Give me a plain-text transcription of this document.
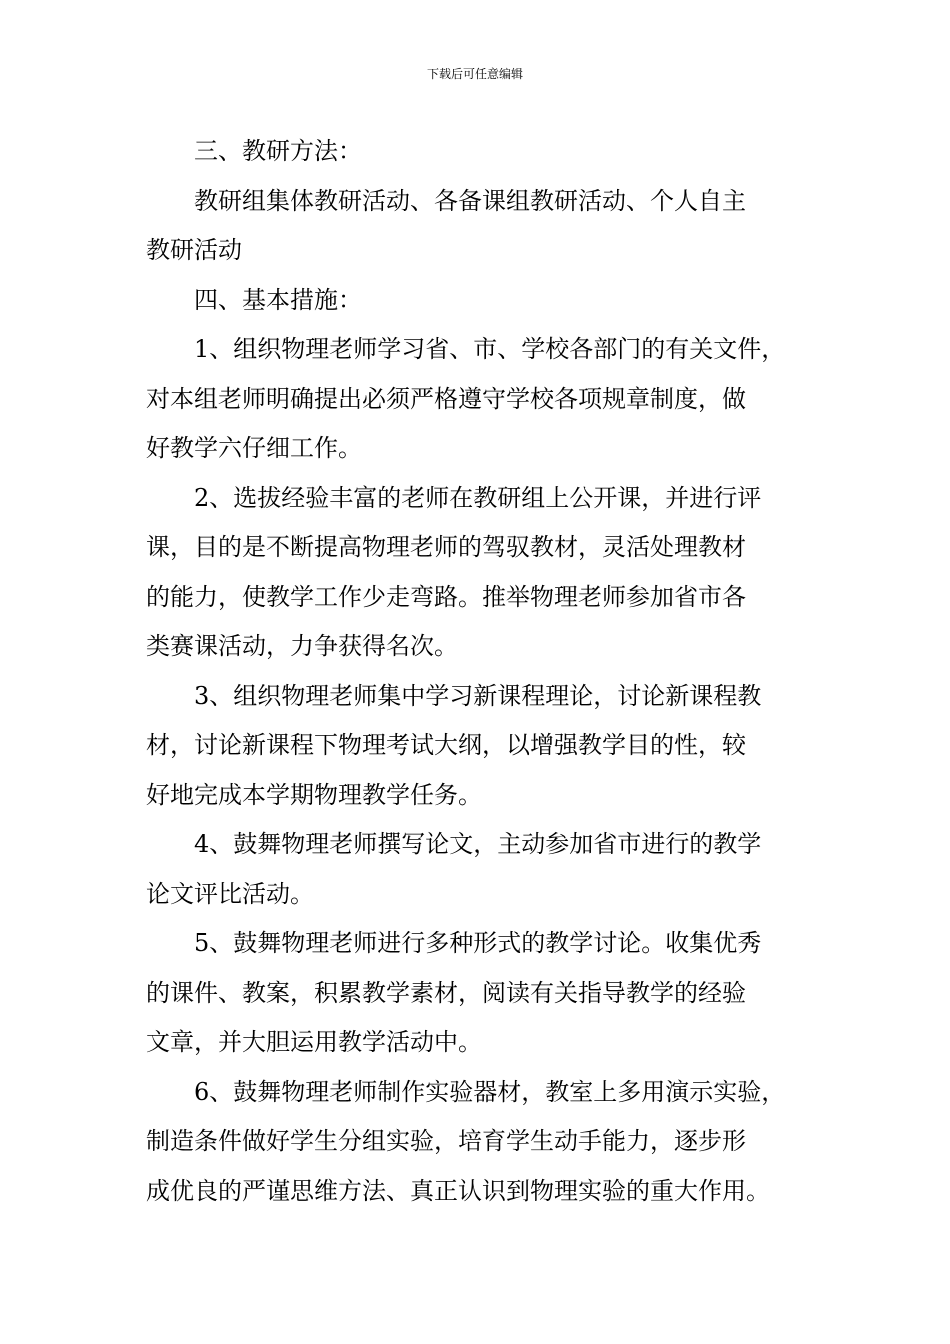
下载后可任意编辑

三、教研方法：

教研组集体教研活动、各备课组教研活动、个人自主
教研活动

四、基本措施：

1、组织物理老师学习省、市、学校各部门的有关文件，
对本组老师明确提出必须严格遵守学校各项规章制度，做
好教学六仔细工作。

2、选拔经验丰富的老师在教研组上公开课，并进行评
课，目的是不断提高物理老师的驾驭教材，灵活处理教材
的能力，使教学工作少走弯路。推举物理老师参加省市各
类赛课活动，力争获得名次。

3、组织物理老师集中学习新课程理论，讨论新课程教
材，讨论新课程下物理考试大纲，以增强教学目的性，较
好地完成本学期物理教学任务。

4、鼓舞物理老师撰写论文，主动参加省市进行的教学
论文评比活动。

5、鼓舞物理老师进行多种形式的教学讨论。收集优秀
的课件、教案，积累教学素材，阅读有关指导教学的经验
文章，并大胆运用教学活动中。

6、鼓舞物理老师制作实验器材，教室上多用演示实验，
制造条件做好学生分组实验，培育学生动手能力，逐步形
成优良的严谨思维方法、真正认识到物理实验的重大作用。
